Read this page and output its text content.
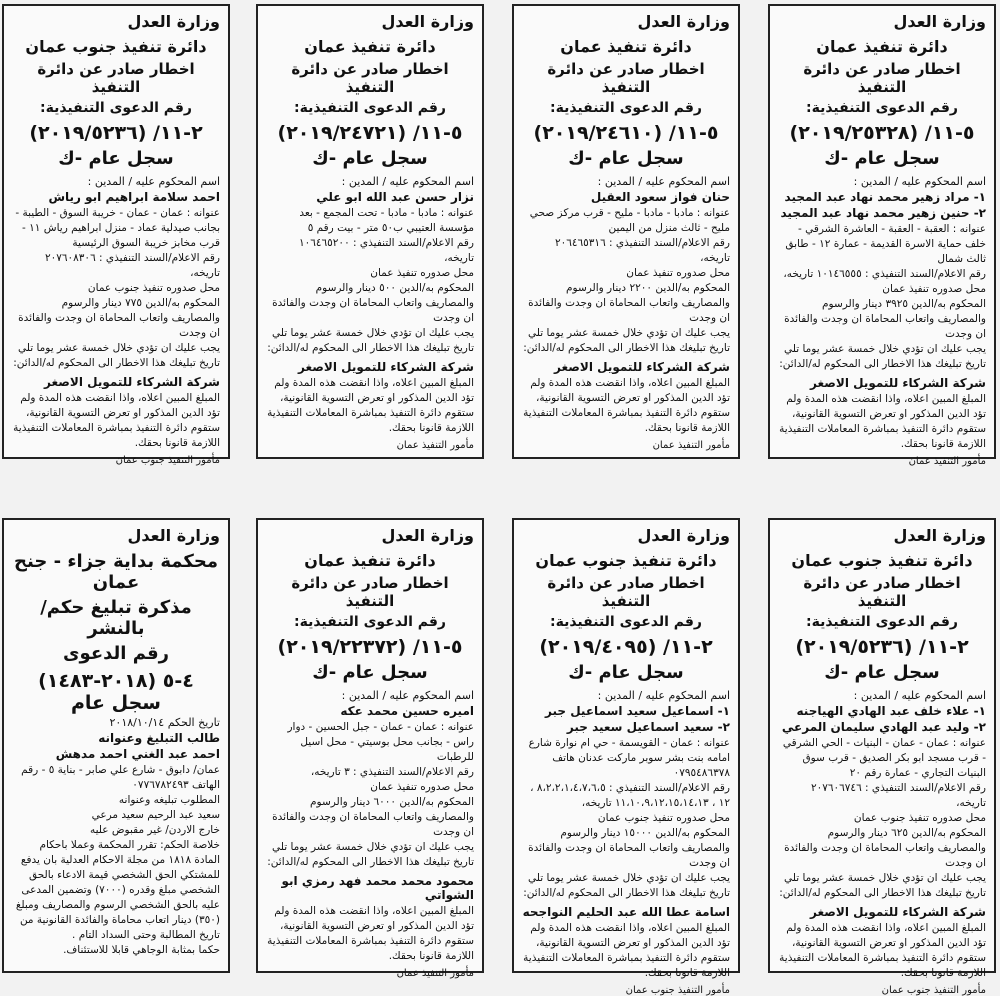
وزارة العدل
دائرة تنفيذ عمان
اخطار صادر عن دائرة التنفيذ
رقم الدعوى التنفيذية:
٥-١١/ (٢٠١٩/٢٥٣٢٨)
سجل عام -ك
اسم المحكوم عليه / المدين :
١- مراد زهير محمد نهاد عبد المجيد
٢- حنين زهير محمد نهاد عبد المجيد
عنوانه : العقبة - العقبة - العاشرة الشرقي - خلف حماية الاسرة القديمة - عمارة ١٢ - طابق ثالث شمال
رقم الاعلام/السند التنفيذي : ١٠١٤٦٥٥٥ تاريخه،
محل صدوره تنفيذ عمان
المحكوم به/الدين ٣٩٢٥ دينار والرسوم والمصاريف واتعاب المحاماة ان وجدت والفائدة ان وجدت
يجب عليك ان تؤدي خلال خمسة عشر يوما تلي تاريخ تبليغك هذا الاخطار الى المحكوم له/الدائن:
شركة الشركاء للتمويل الاصغر
المبلغ المبين اعلاه، واذا انقضت هذه المدة ولم تؤد الدين المذكور او تعرض التسوية القانونية، ستقوم دائرة التنفيذ بمباشرة المعاملات التنفيذية اللازمة قانونا بحقك.
مأمور التنفيذ عمان
وزارة العدل
دائرة تنفيذ عمان
اخطار صادر عن دائرة التنفيذ
رقم الدعوى التنفيذية:
٥-١١/ (٢٠١٩/٢٤٦١٠)
سجل عام -ك
اسم المحكوم عليه / المدين :
حنان فواز سعود العقيل
عنوانه : مادبا - مادبا - مليح - قرب مركز صحي مليح - ثالث منزل من اليمين
رقم الاعلام/السند التنفيذي : ٢٠٦٤٦٥٣١٦ تاريخه،
محل صدوره تنفيذ عمان
المحكوم به/الدين ٢٢٠٠ دينار والرسوم والمصاريف واتعاب المحاماة ان وجدت والفائدة ان وجدت
يجب عليك ان تؤدي خلال خمسة عشر يوما تلي تاريخ تبليغك هذا الاخطار الى المحكوم له/الدائن:
شركة الشركاء للتمويل الاصغر
المبلغ المبين اعلاه، واذا انقضت هذه المدة ولم تؤد الدين المذكور او تعرض التسوية القانونية، ستقوم دائرة التنفيذ بمباشرة المعاملات التنفيذية اللازمة قانونا بحقك.
مأمور التنفيذ عمان
وزارة العدل
دائرة تنفيذ عمان
اخطار صادر عن دائرة التنفيذ
رقم الدعوى التنفيذية:
٥-١١/ (٢٠١٩/٢٤٧٢١)
سجل عام -ك
اسم المحكوم عليه / المدين :
نزار حسن عبد الله ابو علي
عنوانه : مادبا - مادبا - تحت المجمع - بعد مؤسسة العتيبي ب٥٠ متر - بيت رقم ٥
رقم الاعلام/السند التنفيذي : ١٠٦٤٦٥٢٠٠ تاريخه،
محل صدوره تنفيذ عمان
المحكوم به/الدين ٥٠٠ دينار والرسوم والمصاريف واتعاب المحاماة ان وجدت والفائدة ان وجدت
يجب عليك ان تؤدي خلال خمسة عشر يوما تلي تاريخ تبليغك هذا الاخطار الى المحكوم له/الدائن:
شركة الشركاء للتمويل الاصغر
المبلغ المبين اعلاه، واذا انقضت هذه المدة ولم تؤد الدين المذكور او تعرض التسوية القانونية، ستقوم دائرة التنفيذ بمباشرة المعاملات التنفيذية اللازمة قانونا بحقك.
مأمور التنفيذ عمان
وزارة العدل
دائرة تنفيذ جنوب عمان
اخطار صادر عن دائرة التنفيذ
رقم الدعوى التنفيذية:
٢-١١/ (٢٠١٩/٥٢٣٦)
سجل عام -ك
اسم المحكوم عليه / المدين :
احمد سلامة ابراهيم ابو رياش
عنوانه : عمان - عمان - خريبة السوق - الطيبة - بجانب صيدلية عماد - منزل ابراهيم رياش ١١ - قرب مخابز خريبة السوق الرئيسية
رقم الاعلام/السند التنفيذي : ٢٠٧٦٠٨٣٠٦ تاريخه،
محل صدوره تنفيذ جنوب عمان
المحكوم به/الدين ٧٧٥ دينار والرسوم والمصاريف واتعاب المحاماة ان وجدت والفائدة ان وجدت
يجب عليك ان تؤدي خلال خمسة عشر يوما تلي تاريخ تبليغك هذا الاخطار الى المحكوم له/الدائن:
شركة الشركاء للتمويل الاصغر
المبلغ المبين اعلاه، واذا انقضت هذه المدة ولم تؤد الدين المذكور او تعرض التسوية القانونية، ستقوم دائرة التنفيذ بمباشرة المعاملات التنفيذية اللازمة قانونا بحقك.
مأمور التنفيذ جنوب عمان
وزارة العدل
دائرة تنفيذ جنوب عمان
اخطار صادر عن دائرة التنفيذ
رقم الدعوى التنفيذية:
٢-١١/ (٢٠١٩/٥٢٣٦)
سجل عام -ك
اسم المحكوم عليه / المدين :
١- علاء خلف عبد الهادي الهياجنه
٢- وليد عبد الهادي سليمان المرعي
عنوانه : عمان - عمان - البنيات - الحي الشرقي - قرب مسجد ابو بكر الصديق - قرب سوق البنيات التجاري - عمارة رقم ٢٠
رقم الاعلام/السند التنفيذي : ٢٠٧٦٠٦٧٤٦ تاريخه،
محل صدوره تنفيذ جنوب عمان
المحكوم به/الدين ٦٢٥ دينار والرسوم والمصاريف واتعاب المحاماة ان وجدت والفائدة ان وجدت
يجب عليك ان تؤدي خلال خمسة عشر يوما تلي تاريخ تبليغك هذا الاخطار الى المحكوم له/الدائن:
شركة الشركاء للتمويل الاصغر
المبلغ المبين اعلاه، واذا انقضت هذه المدة ولم تؤد الدين المذكور او تعرض التسوية القانونية، ستقوم دائرة التنفيذ بمباشرة المعاملات التنفيذية اللازمة قانونا بحقك.
مأمور التنفيذ جنوب عمان
وزارة العدل
دائرة تنفيذ جنوب عمان
اخطار صادر عن دائرة التنفيذ
رقم الدعوى التنفيذية:
٢-١١/ (٢٠١٩/٤٠٩٥)
سجل عام -ك
اسم المحكوم عليه / المدين :
١- اسماعيل سعيد اسماعيل جبر
٢- سعيد اسماعيل سعيد جبر
عنوانه : عمان - القويسمة - حي ام نوارة شارع امامه بنت بشر سوبر ماركت عدنان هاتف ٠٧٩٥٤٨٦٣٧٨
رقم الاعلام/السند التنفيذي : ٨،٢،٢،١،٤،٧،٦،٥ ، ١٢ ، ١١،١٠،٩،١٢،١٥،١٤،١٣ تاريخه،
محل صدوره تنفيذ جنوب عمان
المحكوم به/الدين ١٥٠٠٠ دينار والرسوم والمصاريف واتعاب المحاماة ان وجدت والفائدة ان وجدت
يجب عليك ان تؤدي خلال خمسة عشر يوما تلي تاريخ تبليغك هذا الاخطار الى المحكوم له/الدائن:
اسامة عطا الله عبد الحليم النواجحه
المبلغ المبين اعلاه، واذا انقضت هذه المدة ولم تؤد الدين المذكور او تعرض التسوية القانونية، ستقوم دائرة التنفيذ بمباشرة المعاملات التنفيذية اللازمة قانونا بحقك.
مأمور التنفيذ جنوب عمان
وزارة العدل
دائرة تنفيذ عمان
اخطار صادر عن دائرة التنفيذ
رقم الدعوى التنفيذية:
٥-١١/ (٢٠١٩/٢٢٣٧٢)
سجل عام -ك
اسم المحكوم عليه / المدين :
اميره حسين محمد عكه
عنوانه : عمان - عمان - جبل الحسين - دوار راس - بجانب محل بوسيتي - محل اسيل للرطبات
رقم الاعلام/السند التنفيذي : ٣ تاريخه،
محل صدوره تنفيذ عمان
المحكوم به/الدين ٦٠٠٠ دينار والرسوم والمصاريف واتعاب المحاماة ان وجدت والفائدة ان وجدت
يجب عليك ان تؤدي خلال خمسة عشر يوما تلي تاريخ تبليغك هذا الاخطار الى المحكوم له/الدائن:
محمود محمد محمد فهد رمزي ابو الشواتي
المبلغ المبين اعلاه، واذا انقضت هذه المدة ولم تؤد الدين المذكور او تعرض التسوية القانونية، ستقوم دائرة التنفيذ بمباشرة المعاملات التنفيذية اللازمة قانونا بحقك.
مأمور التنفيذ عمان
وزارة العدل
محكمة بداية جزاء - جنح عمان
مذكرة تبليغ حكم/ بالنشر
رقم الدعوى
٤-٥ (٢٠١٨-١٤٨٣) سجل عام
تاريخ الحكم ٢٠١٨/١٠/١٤
طالب التبليغ وعنوانه
احمد عبد الغني احمد مدهش
عمان/ دابوق - شارع علي صابر - بناية ٥ - رقم الهاتف ٠٧٧٦٧٨٢٤٩٣
المطلوب تبليغه وعنوانه
سعيد عبد الرحيم سعيد مرعي
خارج الاردن/ غير مقبوض عليه
خلاصة الحكم: تقرر المحكمة وعملا باحكام المادة ١٨١٨ من مجلة الاحكام العدلية بان يدفع للمشتكي الحق الشخصي قيمة الادعاء بالحق الشخصي مبلغ وقدره (٧٠٠٠) وتضمين المدعى عليه بالحق الشخصي الرسوم والمصاريف ومبلغ (٣٥٠) دينار اتعاب محاماة والفائدة القانونية من تاريخ المطالبة وحتى السداد التام .
حكما بمثابة الوجاهي قابلا للاستئناف.
